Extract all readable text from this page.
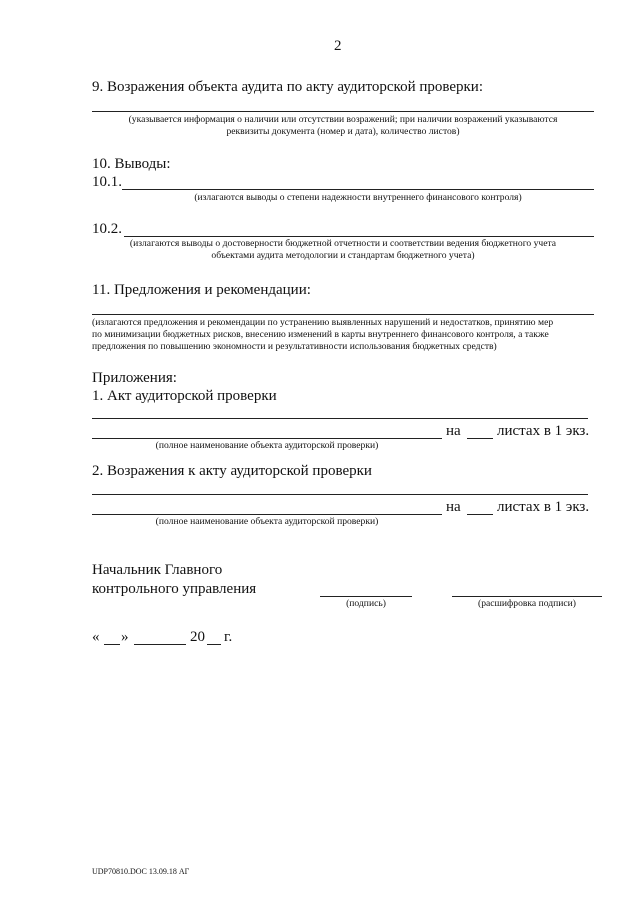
2
9. Возражения объекта аудита по акту аудиторской проверки:
(указывается информация о наличии или отсутствии возражений; при наличии возражений указываются
реквизиты документа (номер и дата), количество листов)
10. Выводы:
10.1.
(излагаются выводы о степени надежности внутреннего финансового контроля)
10.2.
(излагаются выводы о достоверности бюджетной отчетности и соответствии ведения бюджетного учета
объектами аудита методологии и стандартам бюджетного учета)
11. Предложения и рекомендации:
(излагаются предложения и рекомендации по устранению выявленных нарушений и недостатков, принятию мер
по минимизации бюджетных рисков, внесению изменений в карты внутреннего финансового контроля, а также
предложения по повышению экономности и результативности использования бюджетных средств)
Приложения:
1. Акт аудиторской проверки
на листах в 1 экз.
(полное наименование объекта аудиторской проверки)
2. Возражения к акту аудиторской проверки
на листах в 1 экз.
(полное наименование объекта аудиторской проверки)
Начальник Главного
контрольного управления
(подпись)	(расшифровка подписи)
« »	20 г.
UDP70810.DOC 13.09.18 АГ
